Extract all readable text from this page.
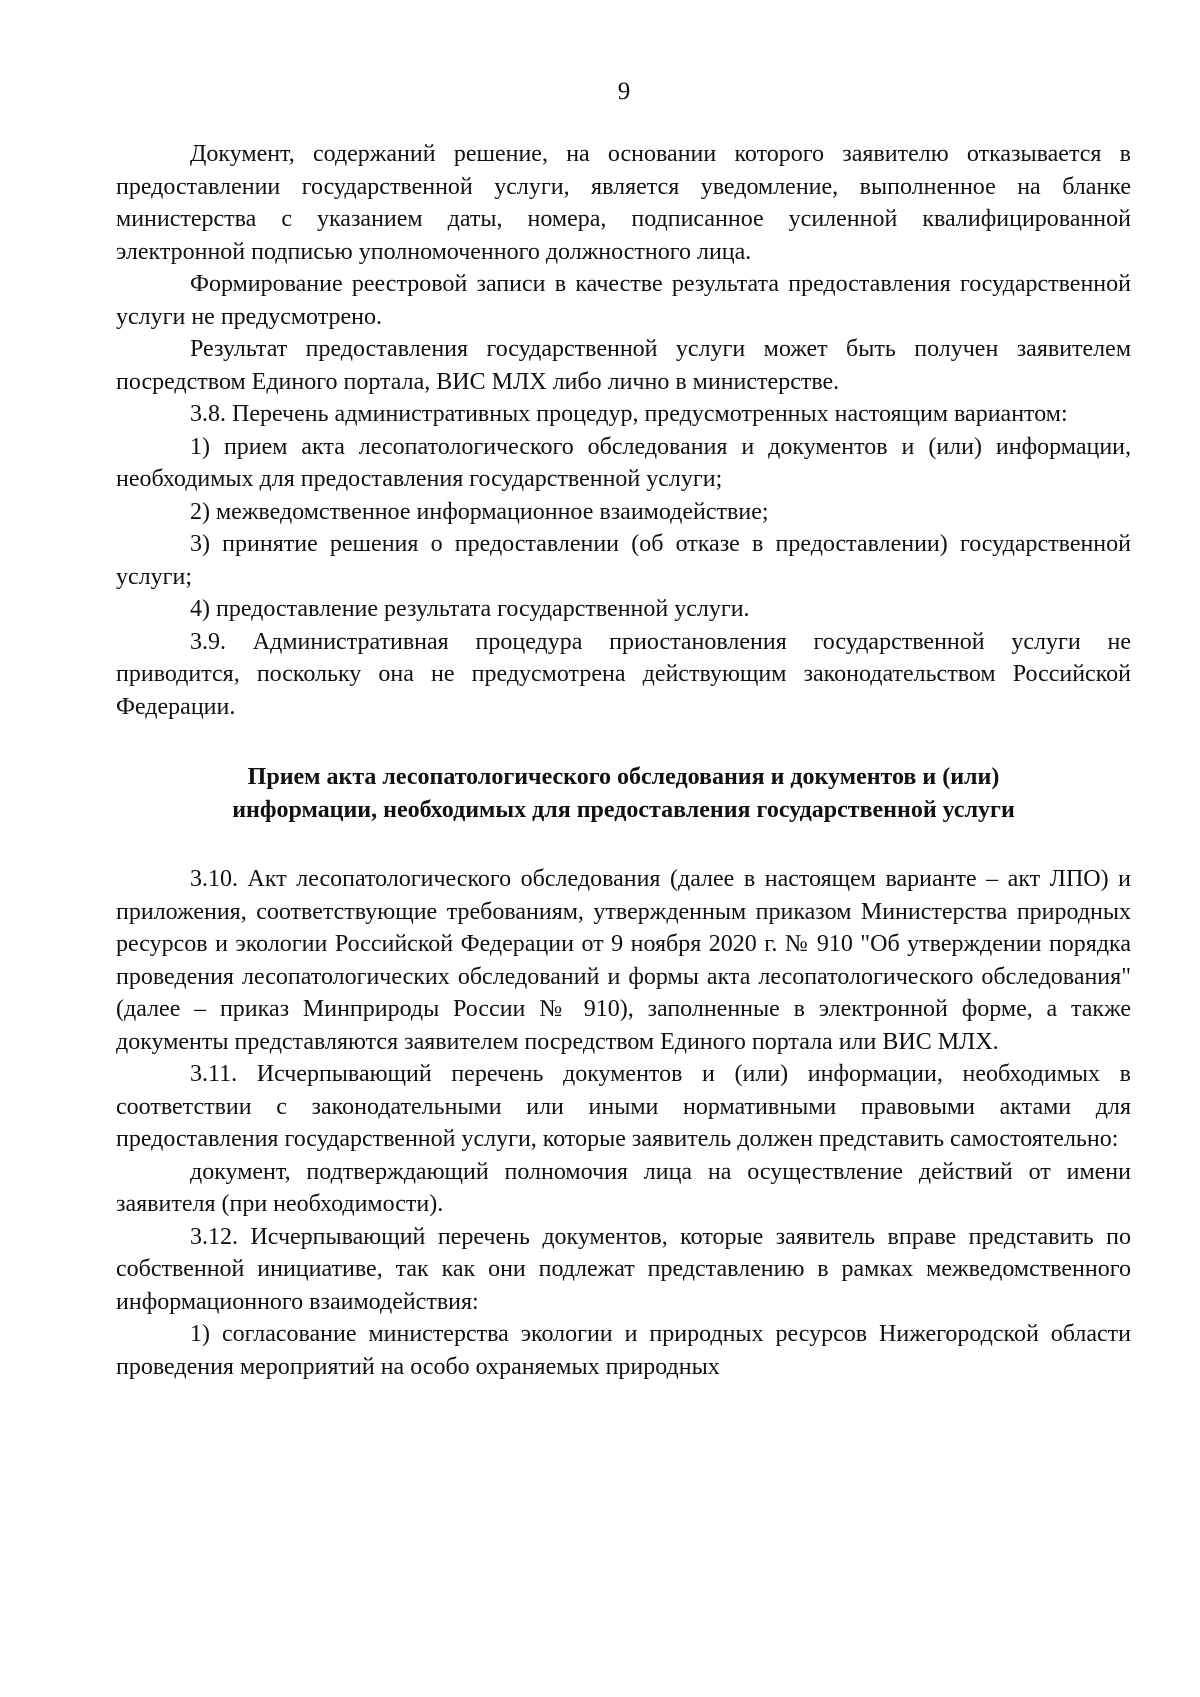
9

Документ, содержаний решение, на основании которого заявителю отказывается в предоставлении государственной услуги, является уведомление, выполненное на бланке министерства с указанием даты, номера, подписанное усиленной квалифицированной электронной подписью уполномоченного должностного лица.

Формирование реестровой записи в качестве результата предоставления государственной услуги не предусмотрено.

Результат предоставления государственной услуги может быть получен заявителем посредством Единого портала, ВИС МЛХ либо лично в министерстве.

3.8. Перечень административных процедур, предусмотренных настоящим вариантом:

1) прием акта лесопатологического обследования и документов и (или) информации, необходимых для предоставления государственной услуги;

2) межведомственное информационное взаимодействие;

3) принятие решения о предоставлении (об отказе в предоставлении) государственной услуги;

4) предоставление результата государственной услуги.

3.9. Административная процедура приостановления государственной услуги не приводится, поскольку она не предусмотрена действующим законодательством Российской Федерации.

Прием акта лесопатологического обследования и документов и (или)
информации, необходимых для предоставления государственной услуги

3.10. Акт лесопатологического обследования (далее в настоящем варианте – акт ЛПО) и приложения, соответствующие требованиям, утвержденным приказом Министерства природных ресурсов и экологии Российской Федерации от 9 ноября 2020 г. № 910 "Об утверждении порядка проведения лесопатологических обследований и формы акта лесопатологического обследования" (далее – приказ Минприроды России № 910), заполненные в электронной форме, а также документы представляются заявителем посредством Единого портала или ВИС МЛХ.

3.11. Исчерпывающий перечень документов и (или) информации, необходимых в соответствии с законодательными или иными нормативными правовыми актами для предоставления государственной услуги, которые заявитель должен представить самостоятельно:

документ, подтверждающий полномочия лица на осуществление действий от имени заявителя (при необходимости).

3.12. Исчерпывающий перечень документов, которые заявитель вправе представить по собственной инициативе, так как они подлежат представлению в рамках межведомственного информационного взаимодействия:

1) согласование министерства экологии и природных ресурсов Нижегородской области проведения мероприятий на особо охраняемых природных
